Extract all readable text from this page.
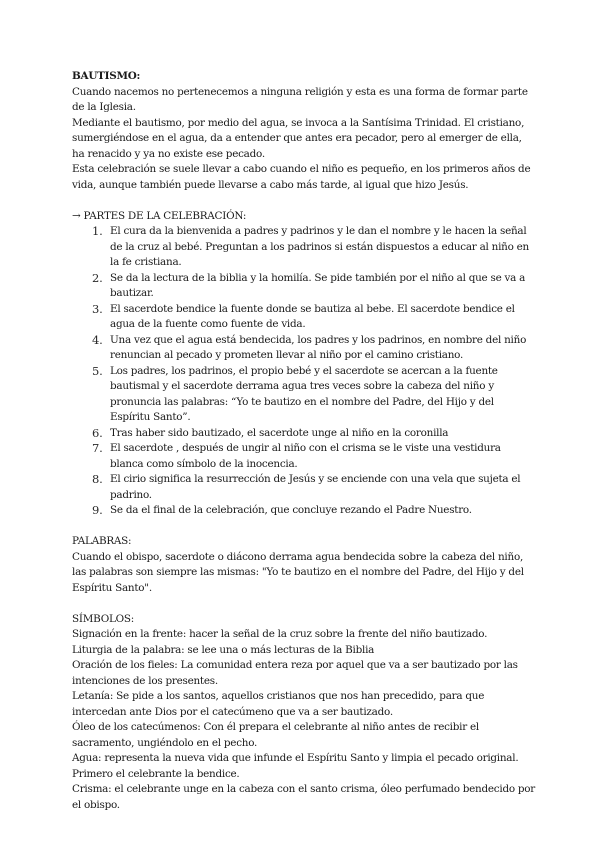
BAUTISMO:

Cuando nacemos no pertenecemos a ninguna religión y esta es una forma de formar parte de la Iglesia.

Mediante el bautismo, por medio del agua, se invoca a la Santísima Trinidad. El cristiano, sumergiéndose en el agua, da a entender que antes era pecador, pero al emerger de ella, ha renacido y ya no existe ese pecado.

Esta celebración se suele llevar a cabo cuando el niño es pequeño, en los primeros años de vida, aunque también puede llevarse a cabo más tarde, al igual que hizo Jesús.

→ PARTES DE LA CELEBRACIÓN:

1. El cura da la bienvenida a padres y padrinos y le dan el nombre y le hacen la señal de la cruz al bebé. Preguntan a los padrinos si están dispuestos a educar al niño en la fe cristiana.
2. Se da la lectura de la biblia y la homilía. Se pide también por el niño al que se va a bautizar.
3. El sacerdote bendice la fuente donde se bautiza al bebe. El sacerdote bendice el agua de la fuente como fuente de vida.
4. Una vez que el agua está bendecida, los padres y los padrinos, en nombre del niño renuncian al pecado y prometen llevar al niño por el camino cristiano.
5. Los padres, los padrinos, el propio bebé y el sacerdote se acercan a la fuente bautismal y el sacerdote derrama agua tres veces sobre la cabeza del niño y pronuncia las palabras: “Yo te bautizo en el nombre del Padre, del Hijo y del Espíritu Santo”.
6. Tras haber sido bautizado, el sacerdote unge al niño en la coronilla
7. El sacerdote , después de ungir al niño con el crisma se le viste una vestidura blanca como símbolo de la inocencia.
8. El cirio significa la resurrección de Jesús y se enciende con una vela que sujeta el padrino.
9. Se da el final de la celebración, que concluye rezando el Padre Nuestro.

PALABRAS:

Cuando el obispo, sacerdote o diácono derrama agua bendecida sobre la cabeza del niño, las palabras son siempre las mismas: "Yo te bautizo en el nombre del Padre, del Hijo y del Espíritu Santo".

SÍMBOLOS:

Signación en la frente: hacer la señal de la cruz sobre la frente del niño bautizado.

Liturgia de la palabra: se lee una o más lecturas de la Biblia

Oración de los fieles: La comunidad entera reza por aquel que va a ser bautizado por las intenciones de los presentes.

Letanía: Se pide a los santos, aquellos cristianos que nos han precedido, para que intercedan ante Dios por el catecúmeno que va a ser bautizado.

Óleo de los catecúmenos: Con él prepara el celebrante al niño antes de recibir el sacramento, ungiéndolo en el pecho.

Agua: representa la nueva vida que infunde el Espíritu Santo y limpia el pecado original. Primero el celebrante la bendice.

Crisma: el celebrante unge en la cabeza con el santo crisma, óleo perfumado bendecido por el obispo.
